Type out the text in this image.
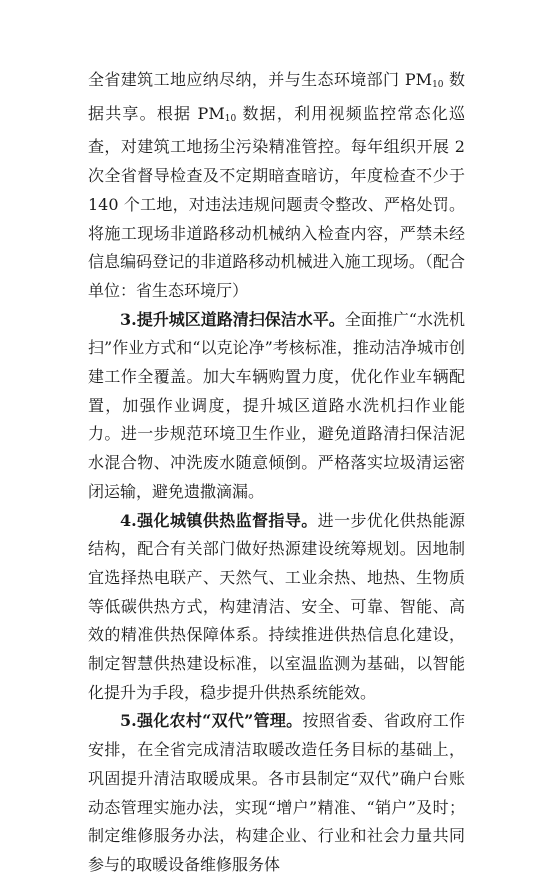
全省建筑工地应纳尽纳，并与生态环境部门 $PM_{10}$ 数据共享。根据 $PM_{10}$ 数据，利用视频监控常态化巡查，对建筑工地扬尘污染精准管控。每年组织开展 2 次全省督导检查及不定期暗查暗访，年度检查不少于 140 个工地，对违法违规问题责令整改、严格处罚。将施工现场非道路移动机械纳入检查内容，严禁未经信息编码登记的非道路移动机械进入施工现场。（配合单位：省生态环境厅）

3.提升城区道路清扫保洁水平。全面推广“水洗机扫”作业方式和“以克论净”考核标准，推动洁净城市创建工作全覆盖。加大车辆购置力度，优化作业车辆配置，加强作业调度，提升城区道路水洗机扫作业能力。进一步规范环境卫生作业，避免道路清扫保洁泥水混合物、冲洗废水随意倾倒。严格落实垃圾清运密闭运输，避免遗撒滴漏。

4.强化城镇供热监督指导。进一步优化供热能源结构，配合有关部门做好热源建设统筹规划。因地制宜选择热电联产、天然气、工业余热、地热、生物质等低碳供热方式，构建清洁、安全、可靠、智能、高效的精准供热保障体系。持续推进供热信息化建设，制定智慧供热建设标准，以室温监测为基础，以智能化提升为手段，稳步提升供热系统能效。

5.强化农村“双代”管理。按照省委、省政府工作安排，在全省完成清洁取暖改造任务目标的基础上，巩固提升清洁取暖成果。各市县制定“双代”确户台账动态管理实施办法，实现“增户”精准、“销户”及时；制定维修服务办法，构建企业、行业和社会力量共同参与的取暖设备维修服务体
